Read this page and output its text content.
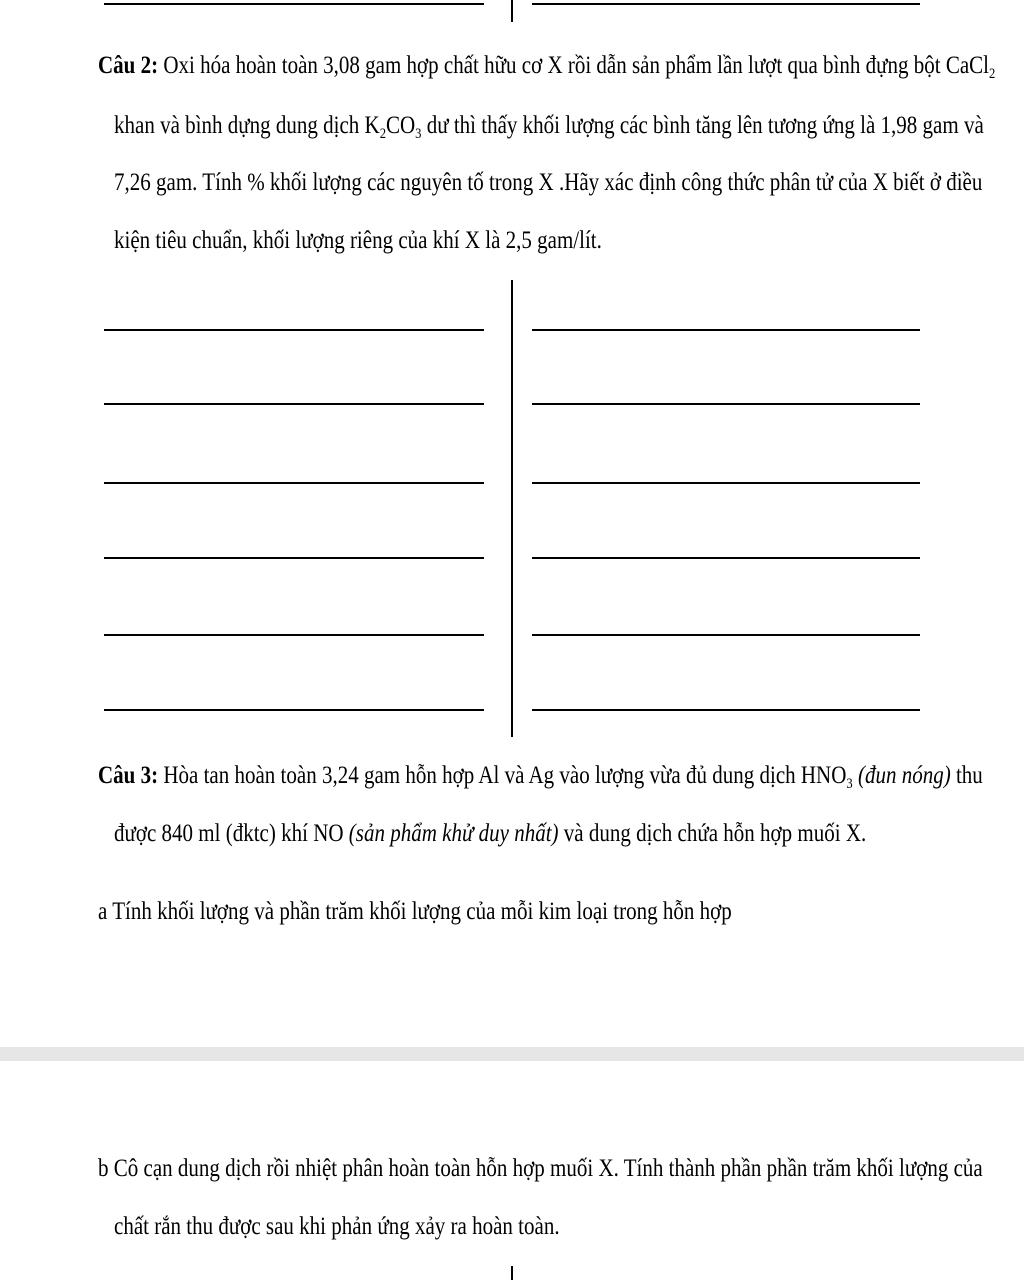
Câu 2: Oxi hóa hoàn toàn 3,08 gam hợp chất hữu cơ X rồi dẫn sản phẩm lần lượt qua bình đựng bột CaCl$_2$
khan và bình dựng dung dịch $K_2CO_3$ dư thì thấy khối lượng các bình tăng lên tương ứng là 1,98 gam và
7,26 gam. Tính % khối lượng các nguyên tố trong X .Hãy xác định công thức phân tử của X biết ở điều
kiện tiêu chuẩn, khối lượng riêng của khí X là 2,5 gam/lít.
Câu 3: Hòa tan hoàn toàn 3,24 gam hỗn hợp Al và Ag vào lượng vừa đủ dung dịch $HNO_3$ (đun nóng) thu
được 840 ml (đktc) khí NO (sản phẩm khử duy nhất) và dung dịch chứa hỗn hợp muối X.
a Tính khối lượng và phần trăm khối lượng của mỗi kim loại trong hỗn hợp
b Cô cạn dung dịch rồi nhiệt phân hoàn toàn hỗn hợp muối X. Tính thành phần phần trăm khối lượng của
chất rắn thu được sau khi phản ứng xảy ra hoàn toàn.
